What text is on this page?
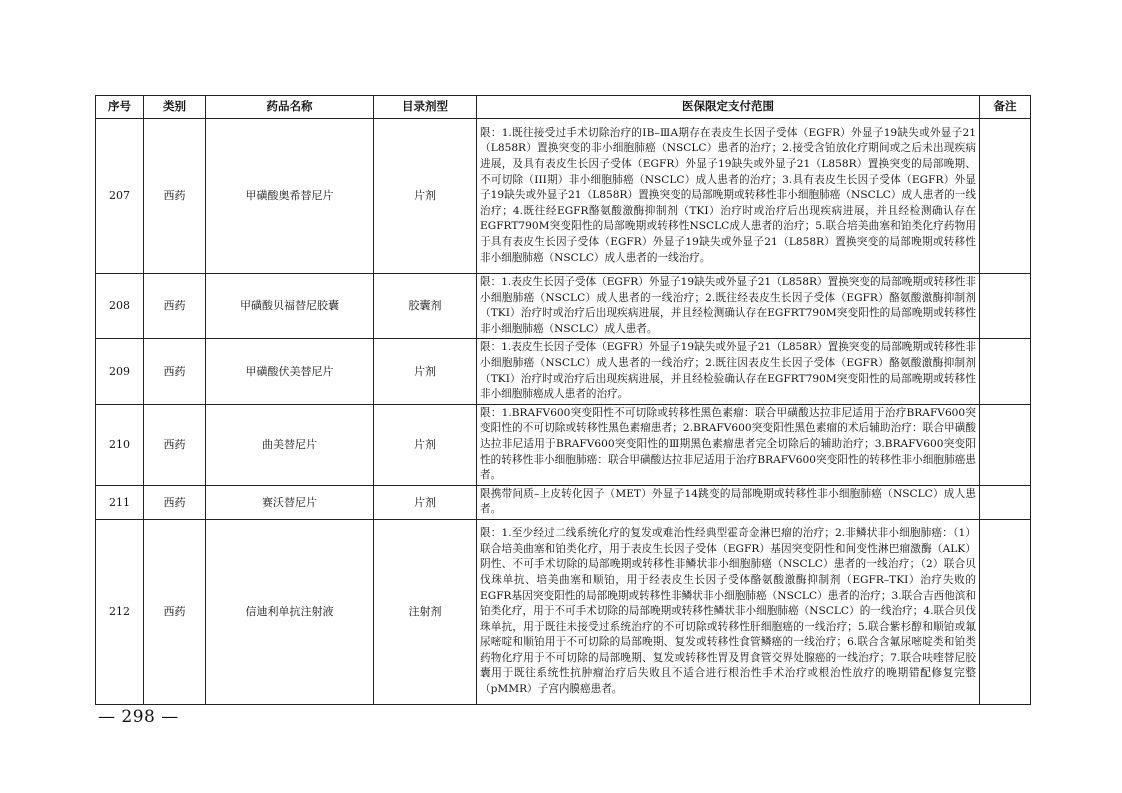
序号	类别	药品名称	目录剂型	医保限定支付范围	备注
207	西药	甲磺酸奥希替尼片	片剂	限：1.既往接受过手术切除治疗的ⅠB–ⅢA期存在表皮生长因子受体（EGFR）外显子19缺失或外显子21（L858R）置换突变的非小细胞肺癌（NSCLC）患者的治疗；2.接受含铂放化疗期间或之后未出现疾病进展，及具有表皮生长因子受体（EGFR）外显子19缺失或外显子21（L858R）置换突变的局部晚期、不可切除（III期）非小细胞肺癌（NSCLC）成人患者的治疗；3.具有表皮生长因子受体（EGFR）外显子19缺失或外显子21（L858R）置换突变的局部晚期或转移性非小细胞肺癌（NSCLC）成人患者的一线治疗；4.既往经EGFR酪氨酸激酶抑制剂（TKI）治疗时或治疗后出现疾病进展，并且经检测确认存在EGFRT790M突变阳性的局部晚期或转移性NSCLC成人患者的治疗；5.联合培美曲塞和铂类化疗药物用于具有表皮生长因子受体（EGFR）外显子19缺失或外显子21（L858R）置换突变的局部晚期或转移性非小细胞肺癌（NSCLC）成人患者的一线治疗。	
208	西药	甲磺酸贝福替尼胶囊	胶囊剂	限：1.表皮生长因子受体（EGFR）外显子19缺失或外显子21（L858R）置换突变的局部晚期或转移性非小细胞肺癌（NSCLC）成人患者的一线治疗；2.既往经表皮生长因子受体（EGFR）酪氨酸激酶抑制剂（TKI）治疗时或治疗后出现疾病进展，并且经检测确认存在EGFRT790M突变阳性的局部晚期或转移性非小细胞肺癌（NSCLC）成人患者。	
209	西药	甲磺酸伏美替尼片	片剂	限：1.表皮生长因子受体（EGFR）外显子19缺失或外显子21（L858R）置换突变的局部晚期或转移性非小细胞肺癌（NSCLC）成人患者的一线治疗；2.既往因表皮生长因子受体（EGFR）酪氨酸激酶抑制剂（TKI）治疗时或治疗后出现疾病进展，并且经检验确认存在EGFRT790M突变阳性的局部晚期或转移性非小细胞肺癌成人患者的治疗。	
210	西药	曲美替尼片	片剂	限：1.BRAFV600突变阳性不可切除或转移性黑色素瘤：联合甲磺酸达拉非尼适用于治疗BRAFV600突变阳性的不可切除或转移性黑色素瘤患者；2.BRAFV600突变阳性黑色素瘤的术后辅助治疗：联合甲磺酸达拉非尼适用于BRAFV600突变阳性的Ⅲ期黑色素瘤患者完全切除后的辅助治疗；3.BRAFV600突变阳性的转移性非小细胞肺癌：联合甲磺酸达拉非尼适用于治疗BRAFV600突变阳性的转移性非小细胞肺癌患者。	
211	西药	赛沃替尼片	片剂	限携带间质–上皮转化因子（MET）外显子14跳变的局部晚期或转移性非小细胞肺癌（NSCLC）成人患者。	
212	西药	信迪利单抗注射液	注射剂	限：1.至少经过二线系统化疗的复发或难治性经典型霍奇金淋巴瘤的治疗；2.非鳞状非小细胞肺癌：（1）联合培美曲塞和铂类化疗，用于表皮生长因子受体（EGFR）基因突变阴性和间变性淋巴瘤激酶（ALK）阴性、不可手术切除的局部晚期或转移性非鳞状非小细胞肺癌（NSCLC）患者的一线治疗；（2）联合贝伐珠单抗、培美曲塞和顺铂，用于经表皮生长因子受体酪氨酸激酶抑制剂（EGFR–TKI）治疗失败的EGFR基因突变阳性的局部晚期或转移性非鳞状非小细胞肺癌（NSCLC）患者的治疗；3.联合吉西他滨和铂类化疗，用于不可手术切除的局部晚期或转移性鳞状非小细胞肺癌（NSCLC）的一线治疗；4.联合贝伐珠单抗，用于既往未接受过系统治疗的不可切除或转移性肝细胞癌的一线治疗；5.联合紫杉醇和顺铂或氟尿嘧啶和顺铂用于不可切除的局部晚期、复发或转移性食管鳞癌的一线治疗；6.联合含氟尿嘧啶类和铂类药物化疗用于不可切除的局部晚期、复发或转移性胃及胃食管交界处腺癌的一线治疗；7.联合呋喹替尼胶囊用于既往系统性抗肿瘤治疗后失败且不适合进行根治性手术治疗或根治性放疗的晚期错配修复完整（pMMR）子宫内膜癌患者。	
— 298 —
